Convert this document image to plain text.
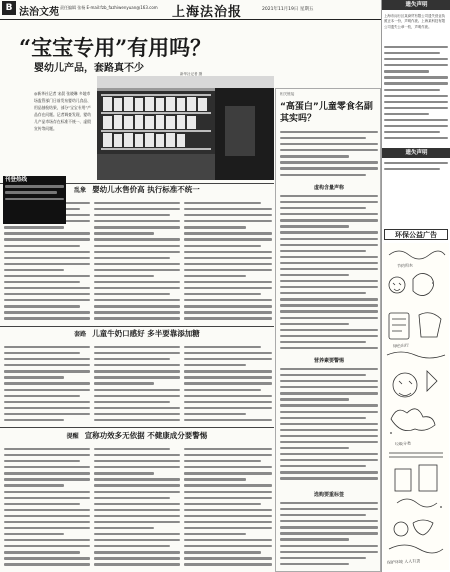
B 法治文苑 责任编辑 张杨 E-mail:fzb_fazhiwenyuan@163.com	上海法治报	2021年11月19日 星期五
“宝宝专用”有用吗？
婴幼儿产品，套路真不少
◎新华社记者 宋晨 张晓琳 多地市场监管部门日前发布婴幼儿食品、用品抽检结果，部分“宝宝专用”产品存在问题。记者调查发现，婴幼儿产品市场存在标准不统一、虚假宣传等问题。
新华社记者 摄
乱象 婴幼儿水售价高 执行标准不统一
套路 儿童牛奶口感好 多半要靠添加糖
提醒 宣称功效多无依据 不健康成分要警惕
相关链接
“高蛋白”儿童零食名副其实吗？
虚构含量声称
营养素要警惕
选购要重标签
遗失声明
上海市闵行区某商贸有限公司遗失营业执照正本一份，声明作废。上海某科技有限公司遗失公章一枚，声明作废。
遗失声明
刊登热线
021-58741341
环保公益广告
节约用水
绿色出行
垃圾分类
保护环境 人人有责
